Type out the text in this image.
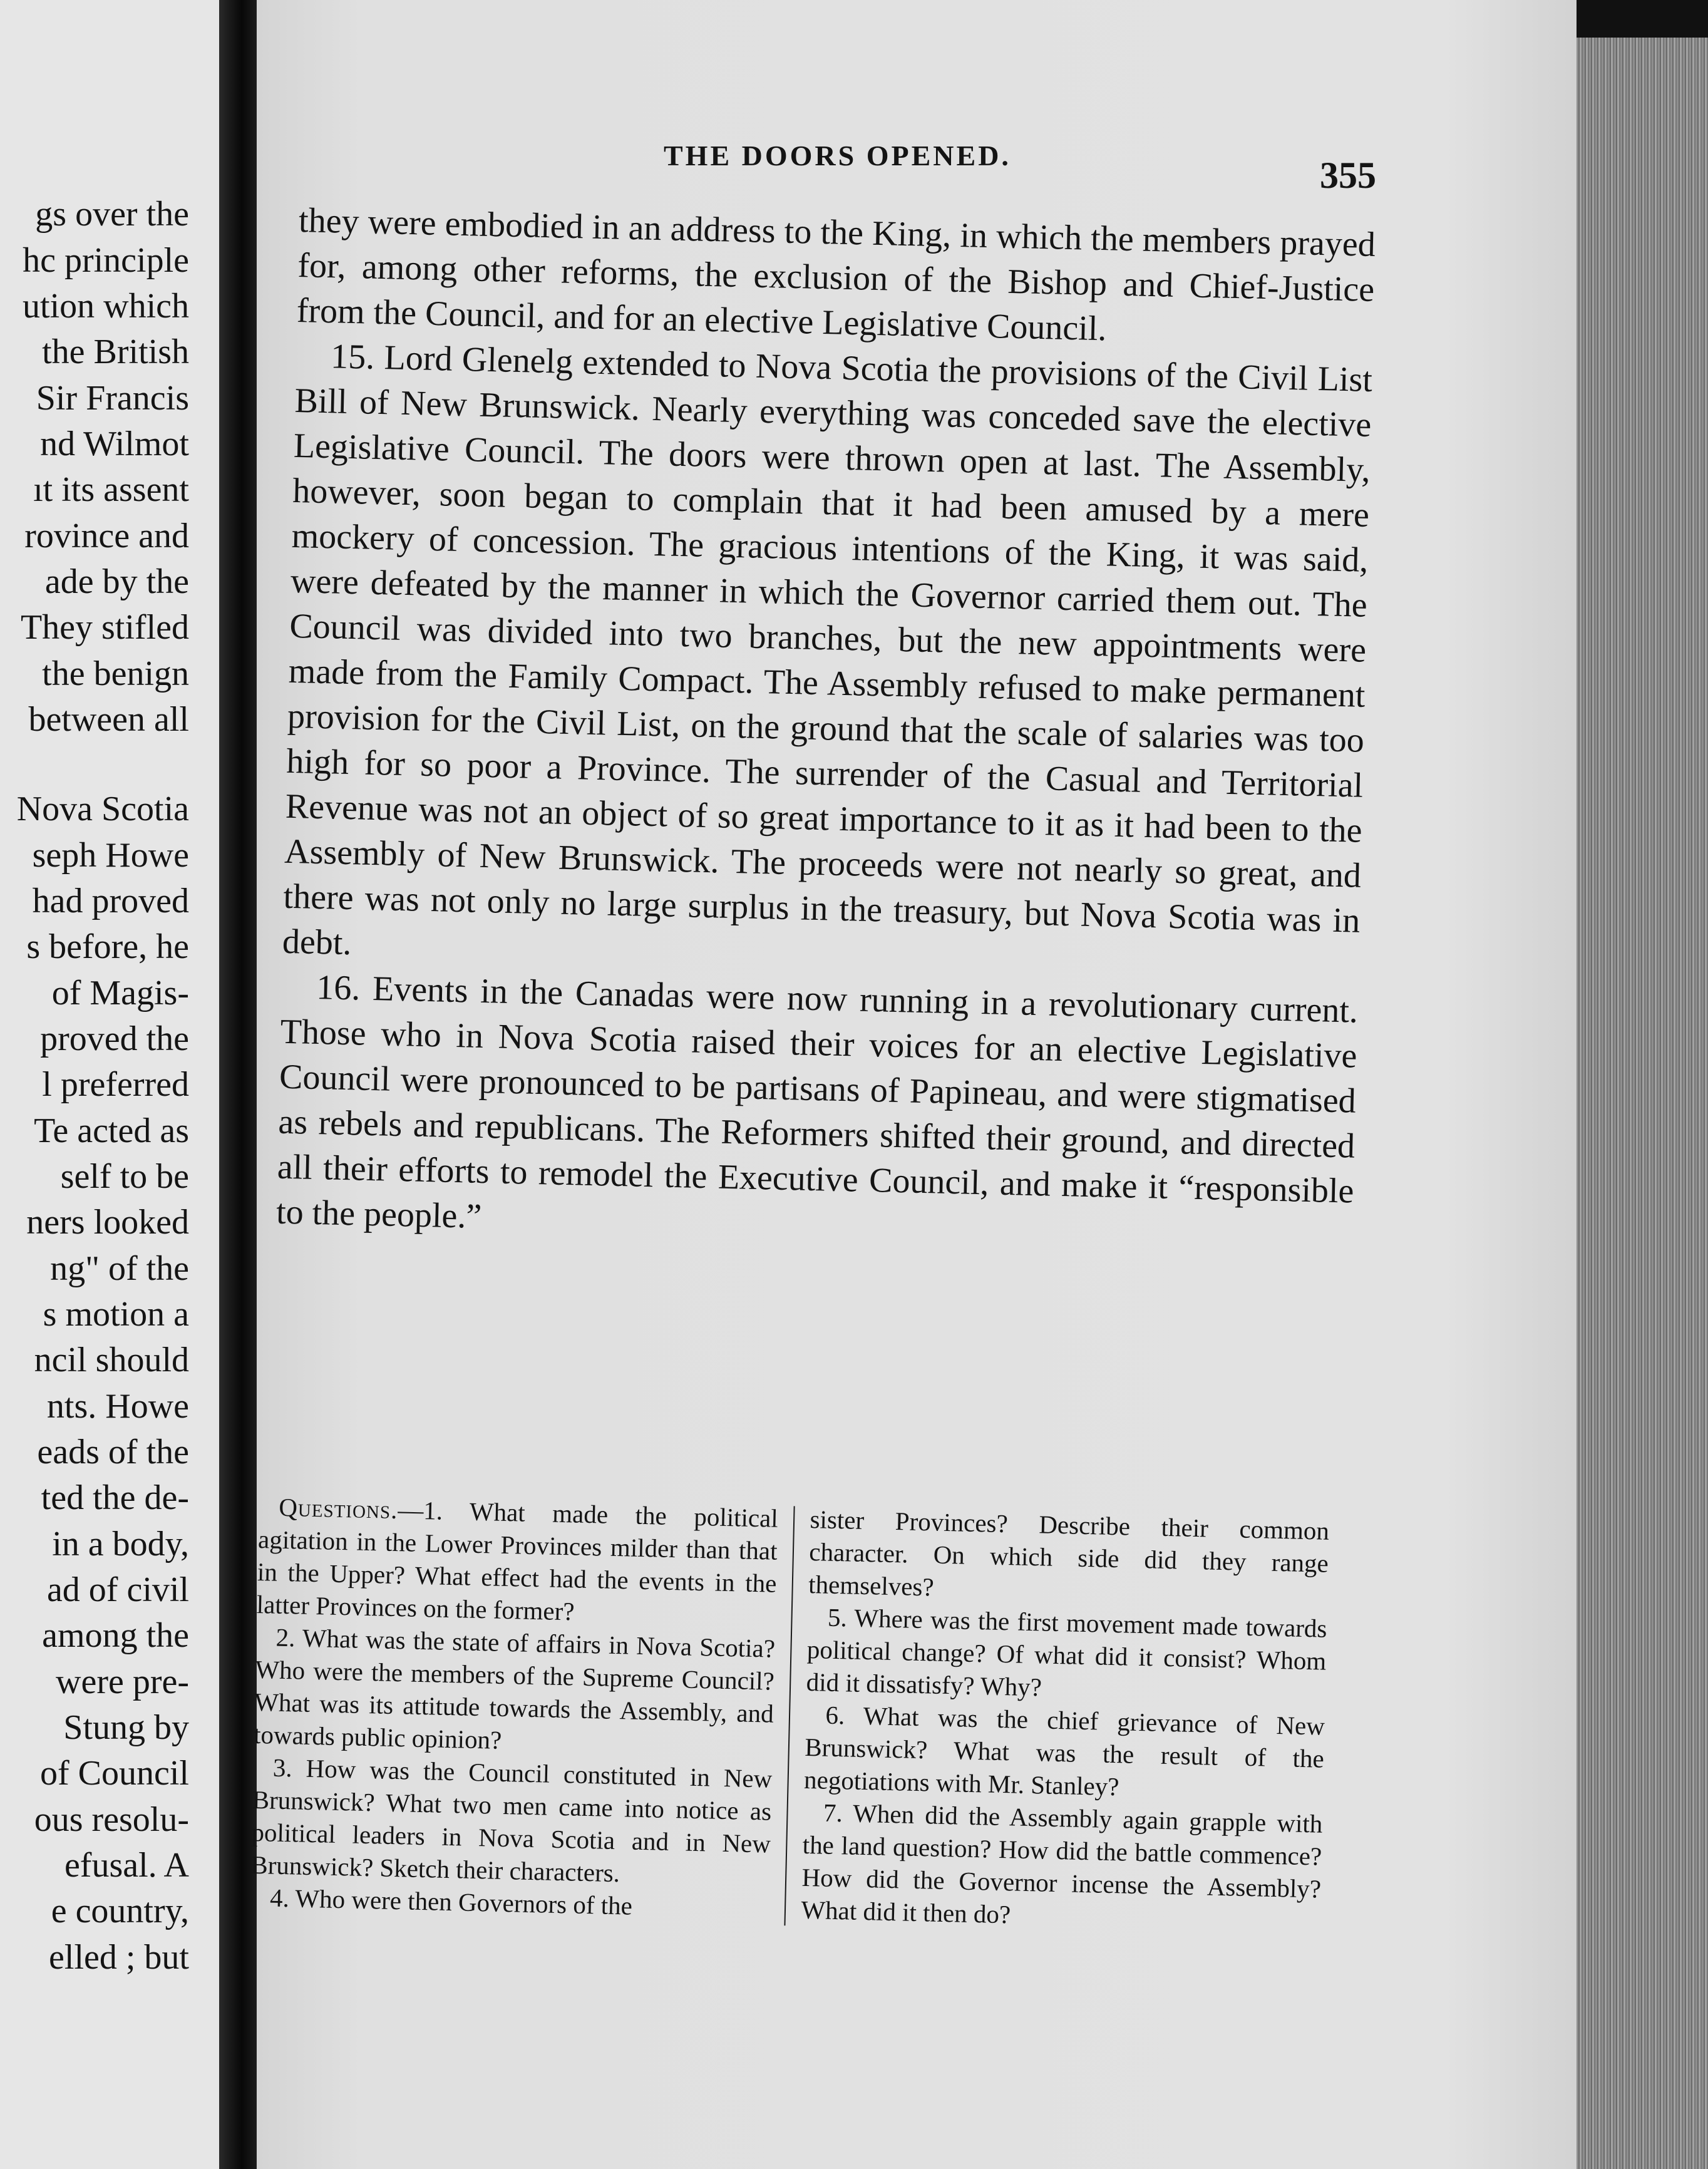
gs over the
hc principle
ution which
the British
Sir Francis
nd Wilmot
ıt its assent
rovince and
ade by the
They stifled
the benign
between all
Nova Scotia
seph Howe
had proved
s before, he
of Magis-
proved the
l preferred
Te acted as
self to be
ners looked
ng" of the
s motion a
ncil should
nts. Howe
eads of the
ted the de-
in a body,
ad of civil
among the
were pre-
Stung by
of Council
ous resolu-
efusal. A
e country,
elled ; but
THE DOORS OPENED.	355

they were embodied in an address to the King, in which the members prayed for, among other reforms, the exclusion of the Bishop and Chief-Justice from the Council, and for an elective Legislative Council.

15. Lord Glenelg extended to Nova Scotia the provisions of the Civil List Bill of New Brunswick. Nearly everything was conceded save the elective Legislative Council. The doors were thrown open at last. The Assembly, however, soon began to complain that it had been amused by a mere mockery of concession. The gracious intentions of the King, it was said, were defeated by the manner in which the Governor carried them out. The Council was divided into two branches, but the new appointments were made from the Family Compact. The Assembly refused to make permanent provision for the Civil List, on the ground that the scale of salaries was too high for so poor a Province. The surrender of the Casual and Territorial Revenue was not an object of so great importance to it as it had been to the Assembly of New Brunswick. The proceeds were not nearly so great, and there was not only no large surplus in the treasury, but Nova Scotia was in debt.

16. Events in the Canadas were now running in a revolutionary current. Those who in Nova Scotia raised their voices for an elective Legislative Council were pronounced to be partisans of Papineau, and were stigmatised as rebels and republicans. The Reformers shifted their ground, and directed all their efforts to remodel the Executive Council, and make it “responsible to the people.”

Questions.—1. What made the political agitation in the Lower Provinces milder than that in the Upper? What effect had the events in the latter Provinces on the former?

2. What was the state of affairs in Nova Scotia? Who were the members of the Supreme Council? What was its attitude towards the Assembly, and towards public opinion?

3. How was the Council constituted in New Brunswick? What two men came into notice as political leaders in Nova Scotia and in New Brunswick? Sketch their characters.

4. Who were then Governors of the

sister Provinces? Describe their common character. On which side did they range themselves?

5. Where was the first movement made towards political change? Of what did it consist? Whom did it dissatisfy? Why?

6. What was the chief grievance of New Brunswick? What was the result of the negotiations with Mr. Stanley?

7. When did the Assembly again grapple with the land question? How did the battle commence? How did the Governor incense the Assembly? What did it then do?
